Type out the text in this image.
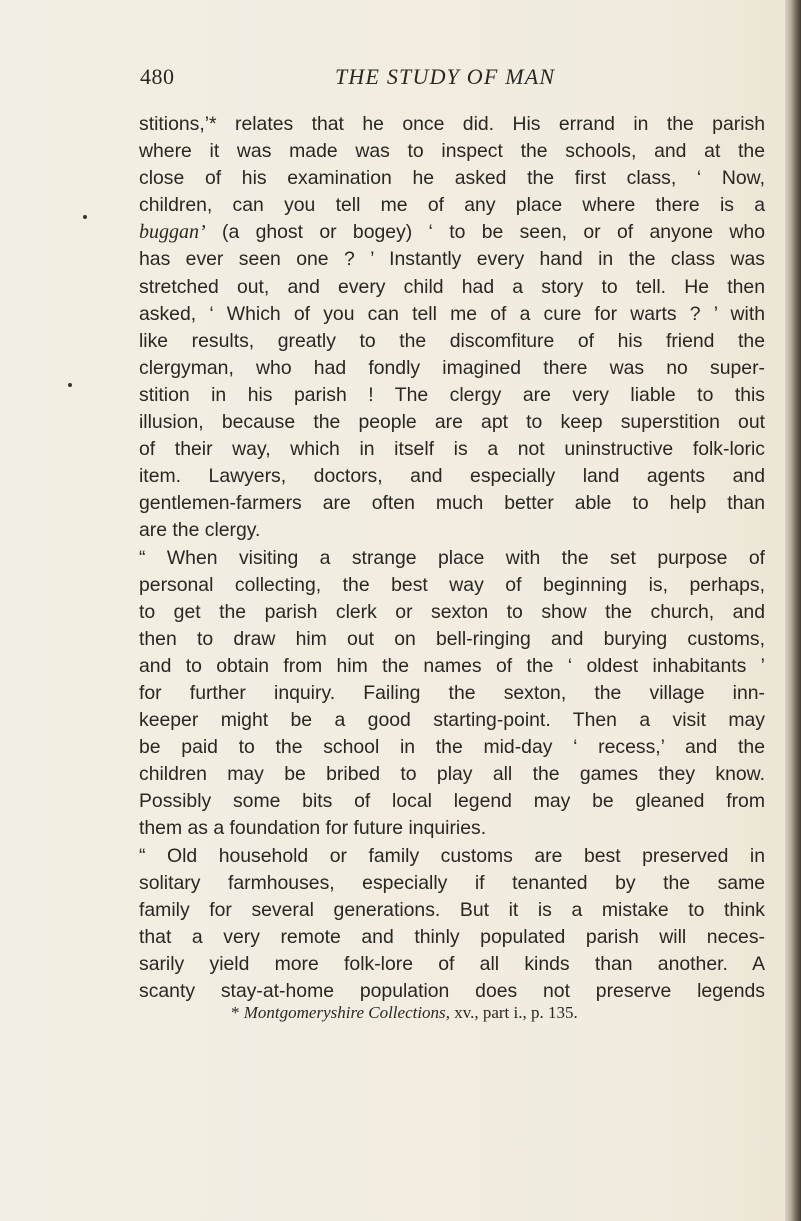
480	THE STUDY OF MAN
stitions,’* relates that he once did. His errand in the parish
where it was made was to inspect the schools, and at the
close of his examination he asked the first class, ‘ Now,
children, can you tell me of any place where there is a
buggan’ (a ghost or bogey) ‘ to be seen, or of anyone who
has ever seen one ? ’ Instantly every hand in the class was
stretched out, and every child had a story to tell. He then
asked, ‘ Which of you can tell me of a cure for warts ? ’ with
like results, greatly to the discomfiture of his friend the
clergyman, who had fondly imagined there was no super-
stition in his parish ! The clergy are very liable to this
illusion, because the people are apt to keep superstition out
of their way, which in itself is a not uninstructive folk-loric
item. Lawyers, doctors, and especially land agents and
gentlemen-farmers are often much better able to help than
are the clergy.
“ When visiting a strange place with the set purpose of
personal collecting, the best way of beginning is, perhaps,
to get the parish clerk or sexton to show the church, and
then to draw him out on bell-ringing and burying customs,
and to obtain from him the names of the ‘ oldest inhabitants ’
for further inquiry. Failing the sexton, the village inn-
keeper might be a good starting-point. Then a visit may
be paid to the school in the mid-day ‘ recess,’ and the
children may be bribed to play all the games they know.
Possibly some bits of local legend may be gleaned from
them as a foundation for future inquiries.
“ Old household or family customs are best preserved in
solitary farmhouses, especially if tenanted by the same
family for several generations. But it is a mistake to think
that a very remote and thinly populated parish will neces-
sarily yield more folk-lore of all kinds than another. A
scanty stay-at-home population does not preserve legends
* Montgomeryshire Collections, xv., part i., p. 135.
